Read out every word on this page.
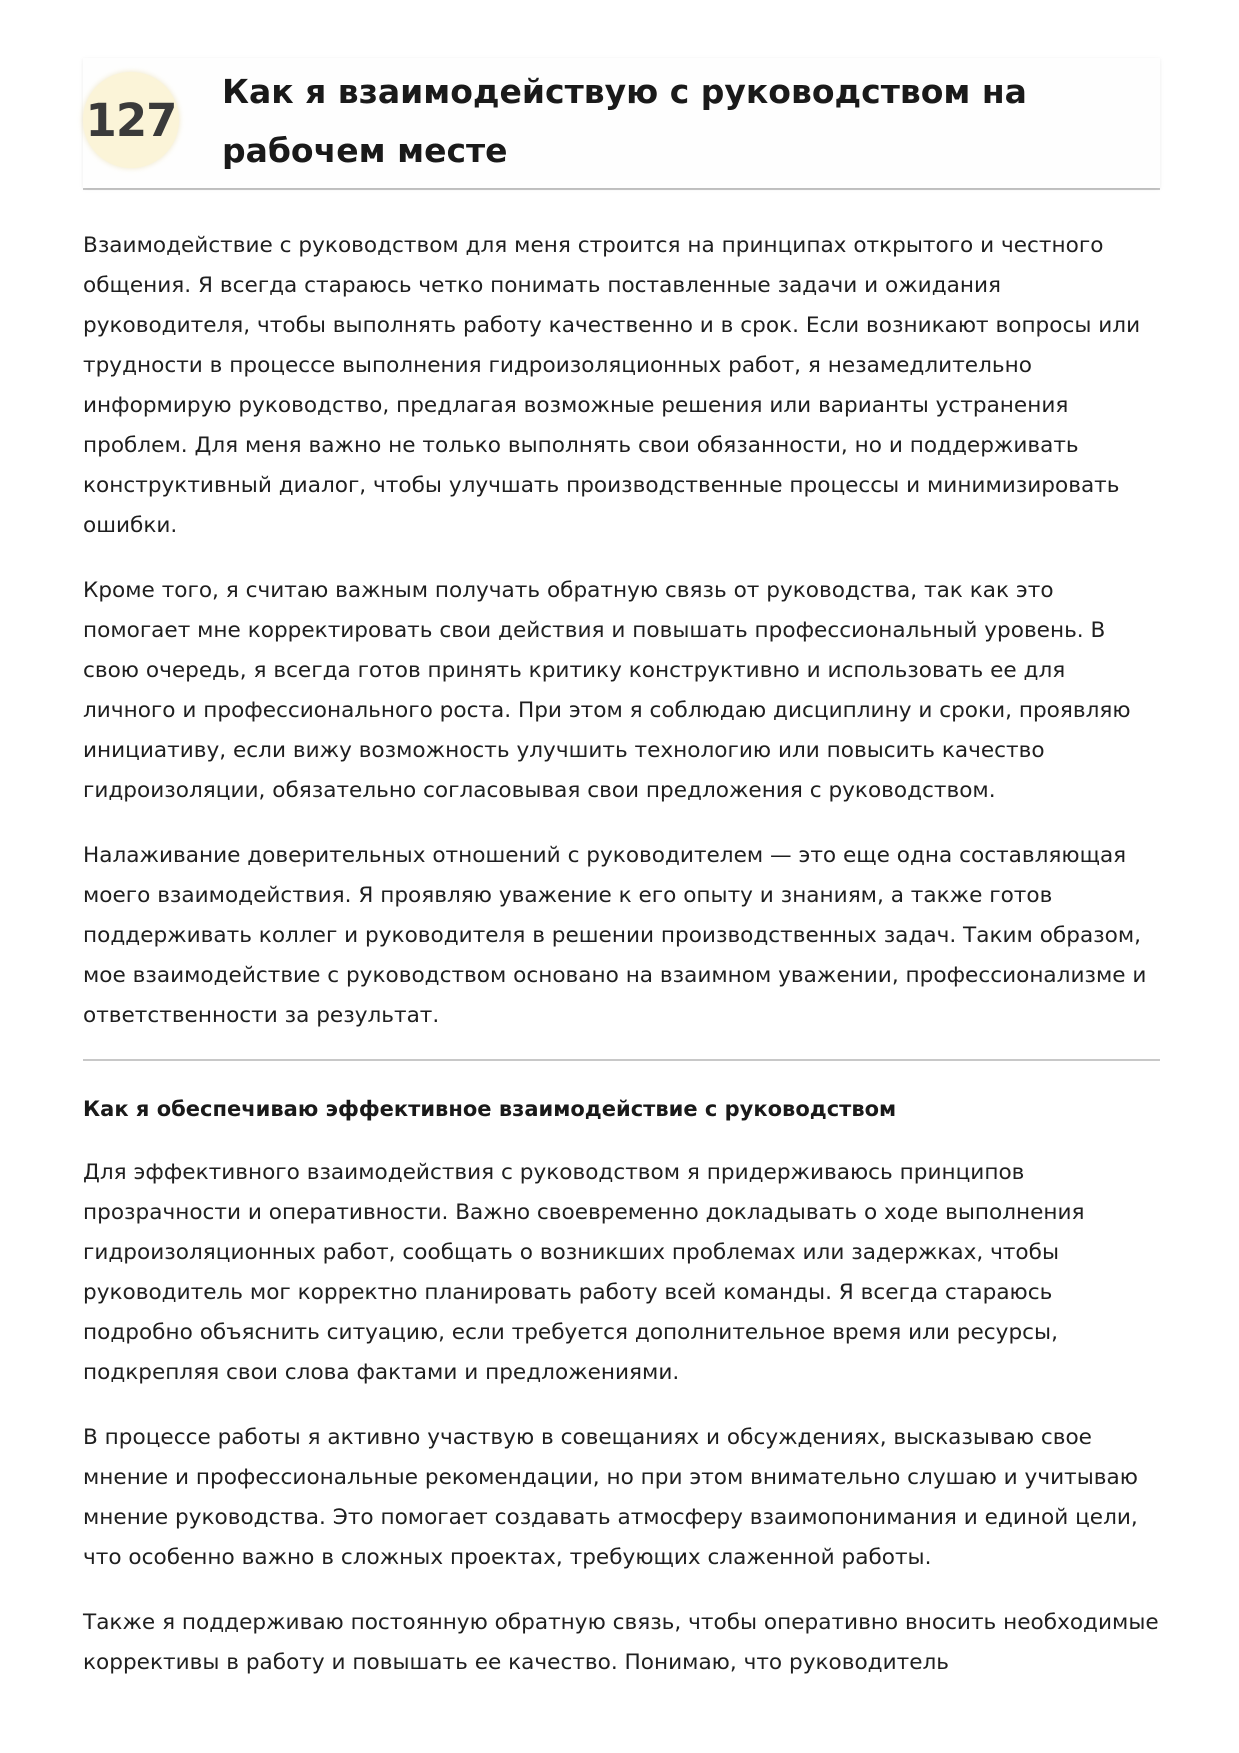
127
Как я взаимодействую с руководством на рабочем месте

Взаимодействие с руководством для меня строится на принципах открытого и честного общения. Я всегда стараюсь четко понимать поставленные задачи и ожидания руководителя, чтобы выполнять работу качественно и в срок. Если возникают вопросы или трудности в процессе выполнения гидроизоляционных работ, я незамедлительно информирую руководство, предлагая возможные решения или варианты устранения проблем. Для меня важно не только выполнять свои обязанности, но и поддерживать конструктивный диалог, чтобы улучшать производственные процессы и минимизировать ошибки.

Кроме того, я считаю важным получать обратную связь от руководства, так как это помогает мне корректировать свои действия и повышать профессиональный уровень. В свою очередь, я всегда готов принять критику конструктивно и использовать ее для личного и профессионального роста. При этом я соблюдаю дисциплину и сроки, проявляю инициативу, если вижу возможность улучшить технологию или повысить качество гидроизоляции, обязательно согласовывая свои предложения с руководством.

Налаживание доверительных отношений с руководителем — это еще одна составляющая моего взаимодействия. Я проявляю уважение к его опыту и знаниям, а также готов поддерживать коллег и руководителя в решении производственных задач. Таким образом, мое взаимодействие с руководством основано на взаимном уважении, профессионализме и ответственности за результат.

Как я обеспечиваю эффективное взаимодействие с руководством

Для эффективного взаимодействия с руководством я придерживаюсь принципов прозрачности и оперативности. Важно своевременно докладывать о ходе выполнения гидроизоляционных работ, сообщать о возникших проблемах или задержках, чтобы руководитель мог корректно планировать работу всей команды. Я всегда стараюсь подробно объяснить ситуацию, если требуется дополнительное время или ресурсы, подкрепляя свои слова фактами и предложениями.

В процессе работы я активно участвую в совещаниях и обсуждениях, высказываю свое мнение и профессиональные рекомендации, но при этом внимательно слушаю и учитываю мнение руководства. Это помогает создавать атмосферу взаимопонимания и единой цели, что особенно важно в сложных проектах, требующих слаженной работы.

Также я поддерживаю постоянную обратную связь, чтобы оперативно вносить необходимые коррективы в работу и повышать ее качество. Понимаю, что руководитель
